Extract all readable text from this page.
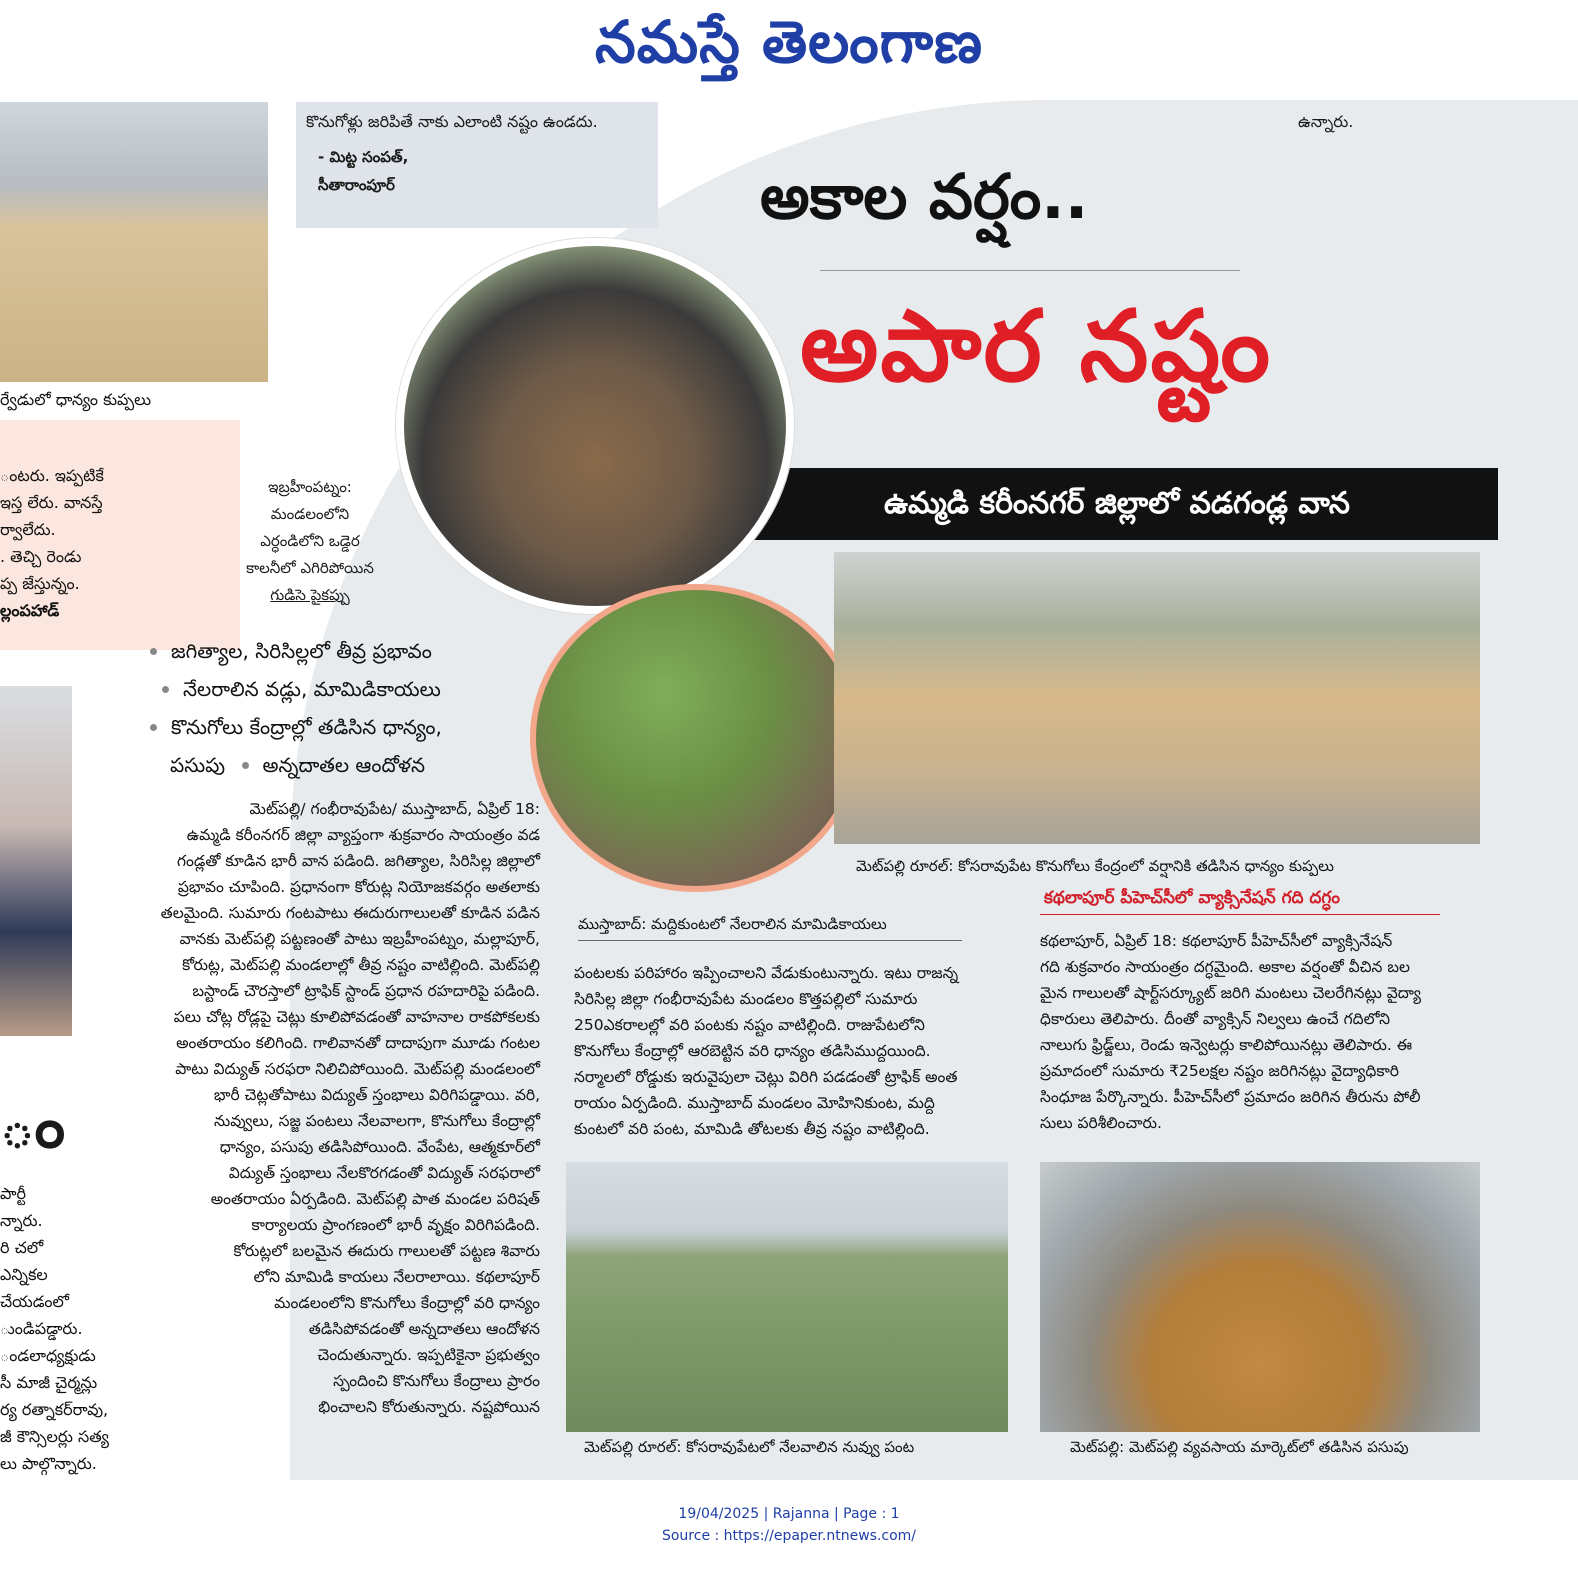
నమస్తే తెలంగాణ
ర్వేడులో ధాన్యం కుప్పలు
కొనుగోళ్లు జరిపితే నాకు ఎలాంటి నష్టం ఉండదు.
- మిట్ట సంపత్,
సీతారాంపూర్
ఉన్నారు.
ంటరు. ఇప్పటికే
ఇస్త లేరు. వానస్తే
ర్వాలేదు.
. తెచ్చి రెండు
ప్ప జేస్తున్నం.
ల్లంపహాడ్
ం
పార్టీ
న్నారు.
రి చలో
ఎన్నికల
చేయడంలో
ుండిపడ్డారు.
ండలాధ్యక్షుడు
సీ మాజీ చైర్మన్లు
ర్య రత్నాకర్‌రావు,
జీ కౌన్సిలర్లు సత్య
లు పాల్గొన్నారు.
అకాల వర్షం..
అపార నష్టం
ఉమ్మడి కరీంనగర్ జిల్లాలో వడగండ్ల వాన
ఇబ్రహీంపట్నం:
మండలంలోని
ఎర్ధండిలోని ఒడ్డెర
కాలనీలో ఎగిరిపోయిన
గుడిసె పైకప్పు
జగిత్యాల, సిరిసిల్లలో తీవ్ర ప్రభావం
నేలరాలిన వడ్లు, మామిడికాయలు
కొనుగోలు కేంద్రాల్లో తడిసిన ధాన్యం,
పసుపు అన్నదాతల ఆందోళన
మెట్‌పల్లి/ గంభీరావుపేట/ ముస్తాబాద్, ఏప్రిల్ 18:
ఉమ్మడి కరీంనగర్ జిల్లా వ్యాప్తంగా శుక్రవారం సాయంత్రం వడ
గండ్లతో కూడిన భారీ వాన పడింది. జగిత్యాల, సిరిసిల్ల జిల్లాలో
ప్రభావం చూపింది. ప్రధానంగా కోరుట్ల నియోజకవర్గం అతలాకు
తలమైంది. సుమారు గంటపాటు ఈదురుగాలులతో కూడిన పడిన
వానకు మెట్‌పల్లి పట్టణంతో పాటు ఇబ్రహీంపట్నం, మల్లాపూర్,
కోరుట్ల, మెట్‌పల్లి మండలాల్లో తీవ్ర నష్టం వాటిల్లింది. మెట్‌పల్లి
బస్టాండ్ చౌరస్తాలో ట్రాఫిక్ స్టాండ్ ప్రధాన రహదారిపై పడింది.
పలు చోట్ల రోడ్లపై చెట్లు కూలిపోవడంతో వాహనాల రాకపోకలకు
అంతరాయం కలిగింది. గాలివానతో దాదాపుగా మూడు గంటల
పాటు విద్యుత్ సరఫరా నిలిచిపోయింది. మెట్‌పల్లి మండలంలో
భారీ చెట్లతోపాటు విద్యుత్ స్తంభాలు విరిగిపడ్డాయి. వరి,
నువ్వులు, సజ్జ పంటలు నేలవాలగా, కొనుగోలు కేంద్రాల్లో
ధాన్యం, పసుపు తడిసిపోయింది. వేంపేట, ఆత్మకూర్‌లో
విద్యుత్ స్తంభాలు నేలకొరగడంతో విద్యుత్ సరఫరాలో
అంతరాయం ఏర్పడింది. మెట్‌పల్లి పాత మండల పరిషత్
కార్యాలయ ప్రాంగణంలో భారీ వృక్షం విరిగిపడింది.
కోరుట్లలో బలమైన ఈదురు గాలులతో పట్టణ శివారు
లోని మామిడి కాయలు నేలరాలాయి. కథలాపూర్
మండలంలోని కొనుగోలు కేంద్రాల్లో వరి ధాన్యం
తడిసిపోవడంతో అన్నదాతలు ఆందోళన
చెందుతున్నారు. ఇప్పటికైనా ప్రభుత్వం
స్పందించి కొనుగోలు కేంద్రాలు ప్రారం
భించాలని కోరుతున్నారు. నష్టపోయిన
ముస్తాబాద్: మద్దికుంటలో నేలరాలిన మామిడికాయలు
మెట్‌పల్లి రూరల్: కోసరావుపేట కొనుగోలు కేంద్రంలో వర్షానికి తడిసిన ధాన్యం కుప్పలు
కథలాపూర్ పీహెచ్‌సీలో వ్యాక్సినేషన్ గది దగ్ధం
కథలాపూర్, ఏప్రిల్ 18: కథలాపూర్ పీహెచ్‌సీలో వ్యాక్సినేషన్
గది శుక్రవారం సాయంత్రం దగ్ధమైంది. అకాల వర్షంతో వీచిన బల
మైన గాలులతో షార్ట్‌సర్క్యూట్ జరిగి మంటలు చెలరేగినట్లు వైద్యా
ధికారులు తెలిపారు. దీంతో వ్యాక్సిన్ నిల్వలు ఉంచే గదిలోని
నాలుగు ఫ్రిడ్జ్‌లు, రెండు ఇన్వెటర్లు కాలిపోయినట్లు తెలిపారు. ఈ
ప్రమాదంలో సుమారు ₹25లక్షల నష్టం జరిగినట్లు వైద్యాధికారి
సింధూజ పేర్కొన్నారు. పీహెచ్‌సీలో ప్రమాదం జరిగిన తీరును పోలీ
సులు పరిశీలించారు.
పంటలకు పరిహారం ఇప్పించాలని వేడుకుంటున్నారు. ఇటు రాజన్న
సిరిసిల్ల జిల్లా గంభీరావుపేట మండలం కొత్తపల్లిలో సుమారు
250ఎకరాలల్లో వరి పంటకు నష్టం వాటిల్లింది. రాజుపేటలోని
కొనుగోలు కేంద్రాల్లో ఆరబెట్టిన వరి ధాన్యం తడిసిముద్దయింది.
నర్మాలలో రోడ్డుకు ఇరువైపులా చెట్లు విరిగి పడడంతో ట్రాఫిక్ అంత
రాయం ఏర్పడింది. ముస్తాబాద్ మండలం మోహినికుంట, మద్ది
కుంటలో వరి పంట, మామిడి తోటలకు తీవ్ర నష్టం వాటిల్లింది.
మెట్‌పల్లి రూరల్: కోసరావుపేటలో నేలవాలిన నువ్వు పంట	మెట్‌పల్లి: మెట్‌పల్లి వ్యవసాయ మార్కెట్‌లో తడిసిన పసుపు
19/04/2025 | Rajanna | Page : 1
Source : https://epaper.ntnews.com/
